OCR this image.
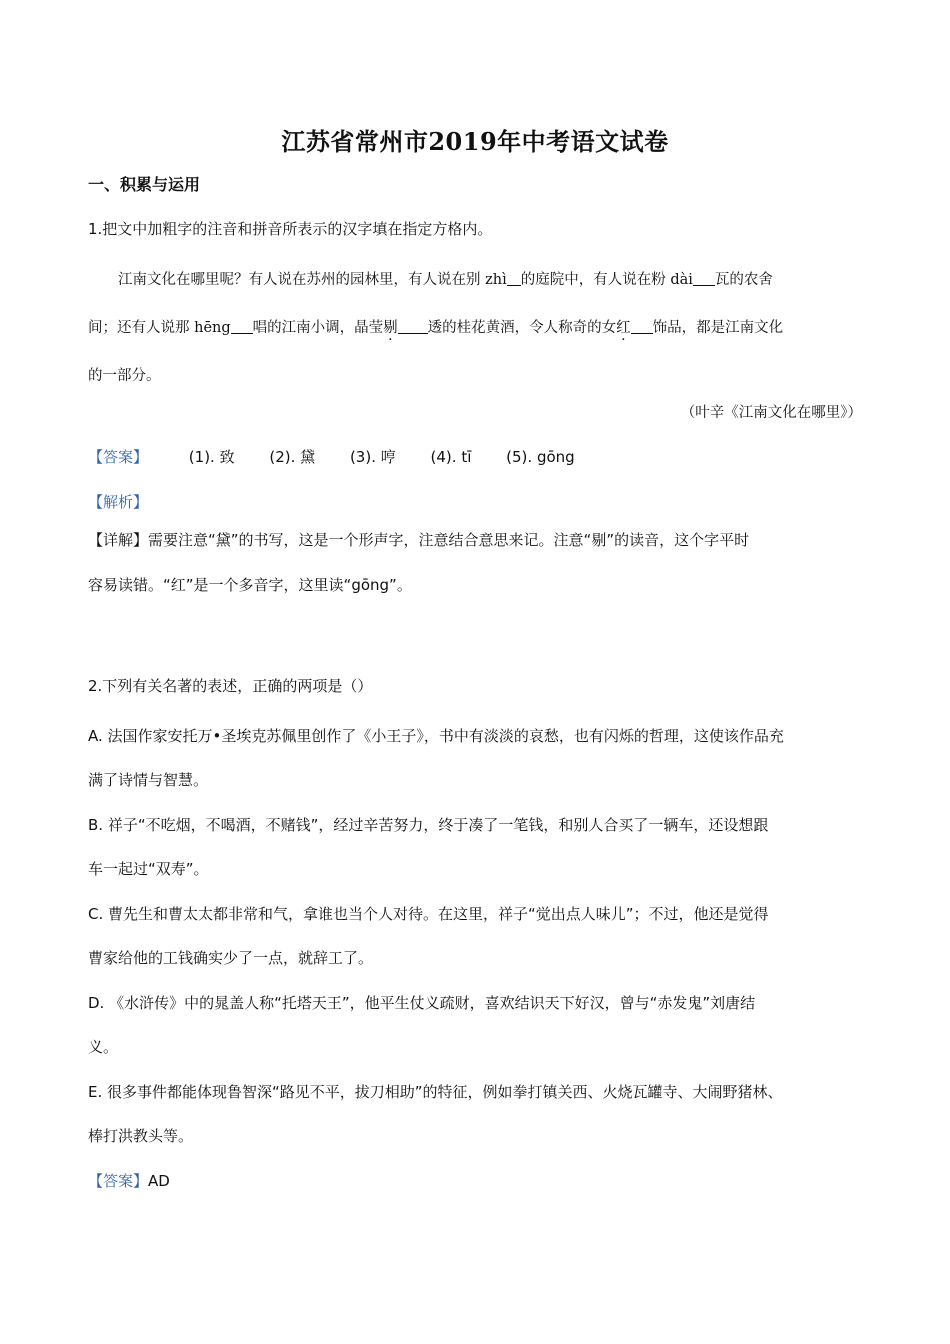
江苏省常州市2019年中考语文试卷
一、积累与运用
1.把文中加粗字的注音和拼音所表示的汉字填在指定方格内。
江南文化在哪里呢？有人说在苏州的园林里，有人说在别 zhì 的庭院中，有人说在粉 dài 瓦的农舍
间；还有人说那 hēng 唱的江南小调，晶莹剔 透的桂花黄酒，令人称奇的女红 饰品，都是江南文化
的一部分。
（叶辛《江南文化在哪里》）
【答案】	(1). 致 (2). 黛 (3). 哼 (4). tī (5). gōng
【解析】
【详解】需要注意“黛”的书写，这是一个形声字，注意结合意思来记。注意“剔”的读音，这个字平时
容易读错。“红”是一个多音字，这里读“gōng”。
2.下列有关名著的表述，正确的两项是（）
A. 法国作家安托万•圣埃克苏佩里创作了《小王子》，书中有淡淡的哀愁，也有闪烁的哲理，这使该作品充
满了诗情与智慧。
B. 祥子“不吃烟，不喝酒，不赌钱”，经过辛苦努力，终于凑了一笔钱，和别人合买了一辆车，还设想跟
车一起过“双寿”。
C. 曹先生和曹太太都非常和气，拿谁也当个人对待。在这里，祥子“觉出点人味儿”；不过，他还是觉得
曹家给他的工钱确实少了一点，就辞工了。
D. 《水浒传》中的晁盖人称“托塔天王”，他平生仗义疏财，喜欢结识天下好汉，曾与“赤发鬼”刘唐结
义。
E. 很多事件都能体现鲁智深“路见不平，拔刀相助”的特征，例如拳打镇关西、火烧瓦罐寺、大闹野猪林、
棒打洪教头等。
【答案】AD
